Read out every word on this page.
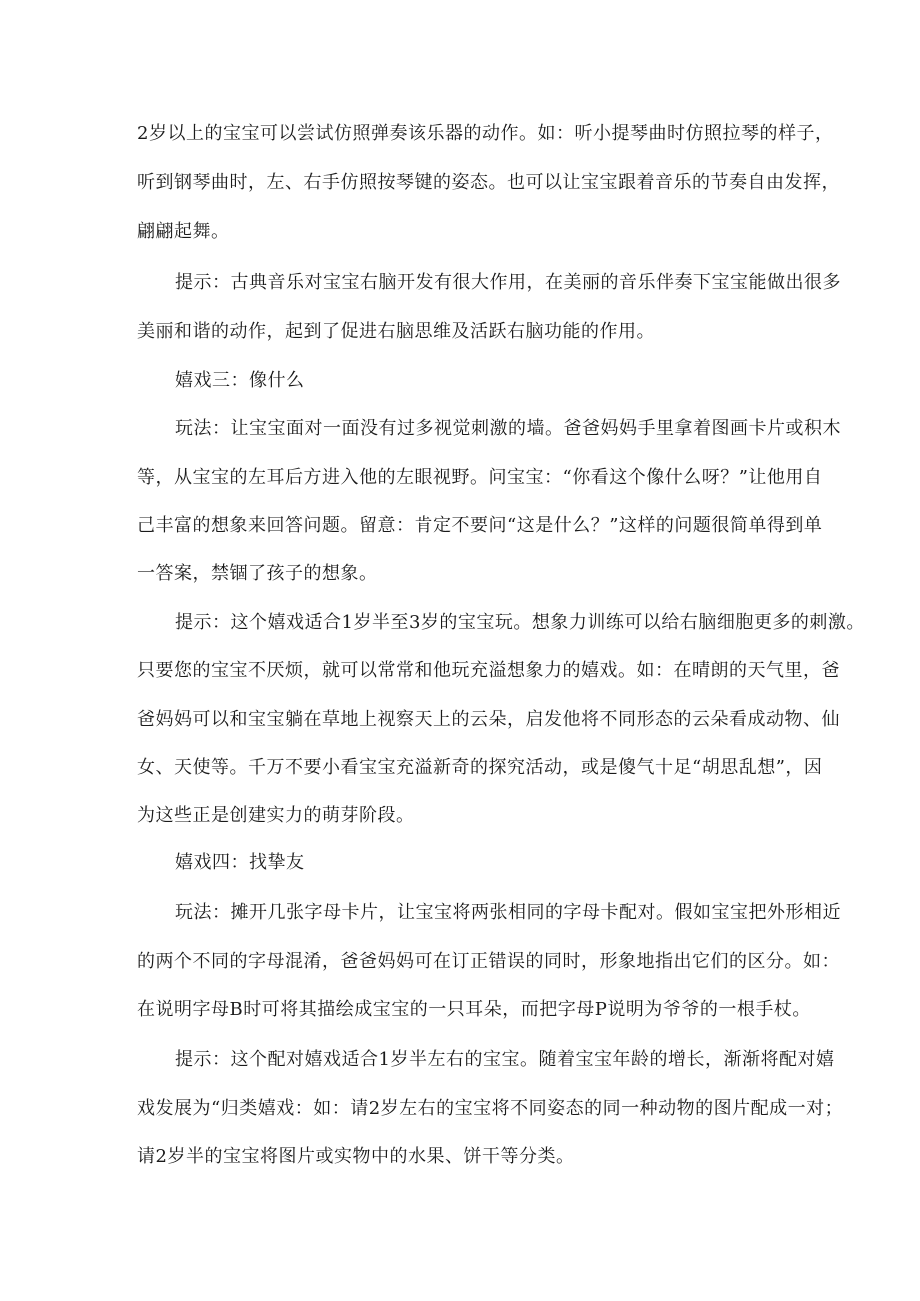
2岁以上的宝宝可以尝试仿照弹奏该乐器的动作。如：听小提琴曲时仿照拉琴的样子，
听到钢琴曲时，左、右手仿照按琴键的姿态。也可以让宝宝跟着音乐的节奏自由发挥，
翩翩起舞。
提示：古典音乐对宝宝右脑开发有很大作用，在美丽的音乐伴奏下宝宝能做出很多
美丽和谐的动作，起到了促进右脑思维及活跃右脑功能的作用。
嬉戏三：像什么
玩法：让宝宝面对一面没有过多视觉刺激的墙。爸爸妈妈手里拿着图画卡片或积木
等，从宝宝的左耳后方进入他的左眼视野。问宝宝：“你看这个像什么呀？”让他用自
己丰富的想象来回答问题。留意：肯定不要问“这是什么？”这样的问题很简单得到单
一答案，禁锢了孩子的想象。
提示：这个嬉戏适合1岁半至3岁的宝宝玩。想象力训练可以给右脑细胞更多的刺激。
只要您的宝宝不厌烦，就可以常常和他玩充溢想象力的嬉戏。如：在晴朗的天气里，爸
爸妈妈可以和宝宝躺在草地上视察天上的云朵，启发他将不同形态的云朵看成动物、仙
女、天使等。千万不要小看宝宝充溢新奇的探究活动，或是傻气十足“胡思乱想”，因
为这些正是创建实力的萌芽阶段。
嬉戏四：找挚友
玩法：摊开几张字母卡片，让宝宝将两张相同的字母卡配对。假如宝宝把外形相近
的两个不同的字母混淆，爸爸妈妈可在订正错误的同时，形象地指出它们的区分。如：
在说明字母B时可将其描绘成宝宝的一只耳朵，而把字母P说明为爷爷的一根手杖。
提示：这个配对嬉戏适合1岁半左右的宝宝。随着宝宝年龄的增长，渐渐将配对嬉
戏发展为“归类嬉戏：如：请2岁左右的宝宝将不同姿态的同一种动物的图片配成一对；
请2岁半的宝宝将图片或实物中的水果、饼干等分类。
